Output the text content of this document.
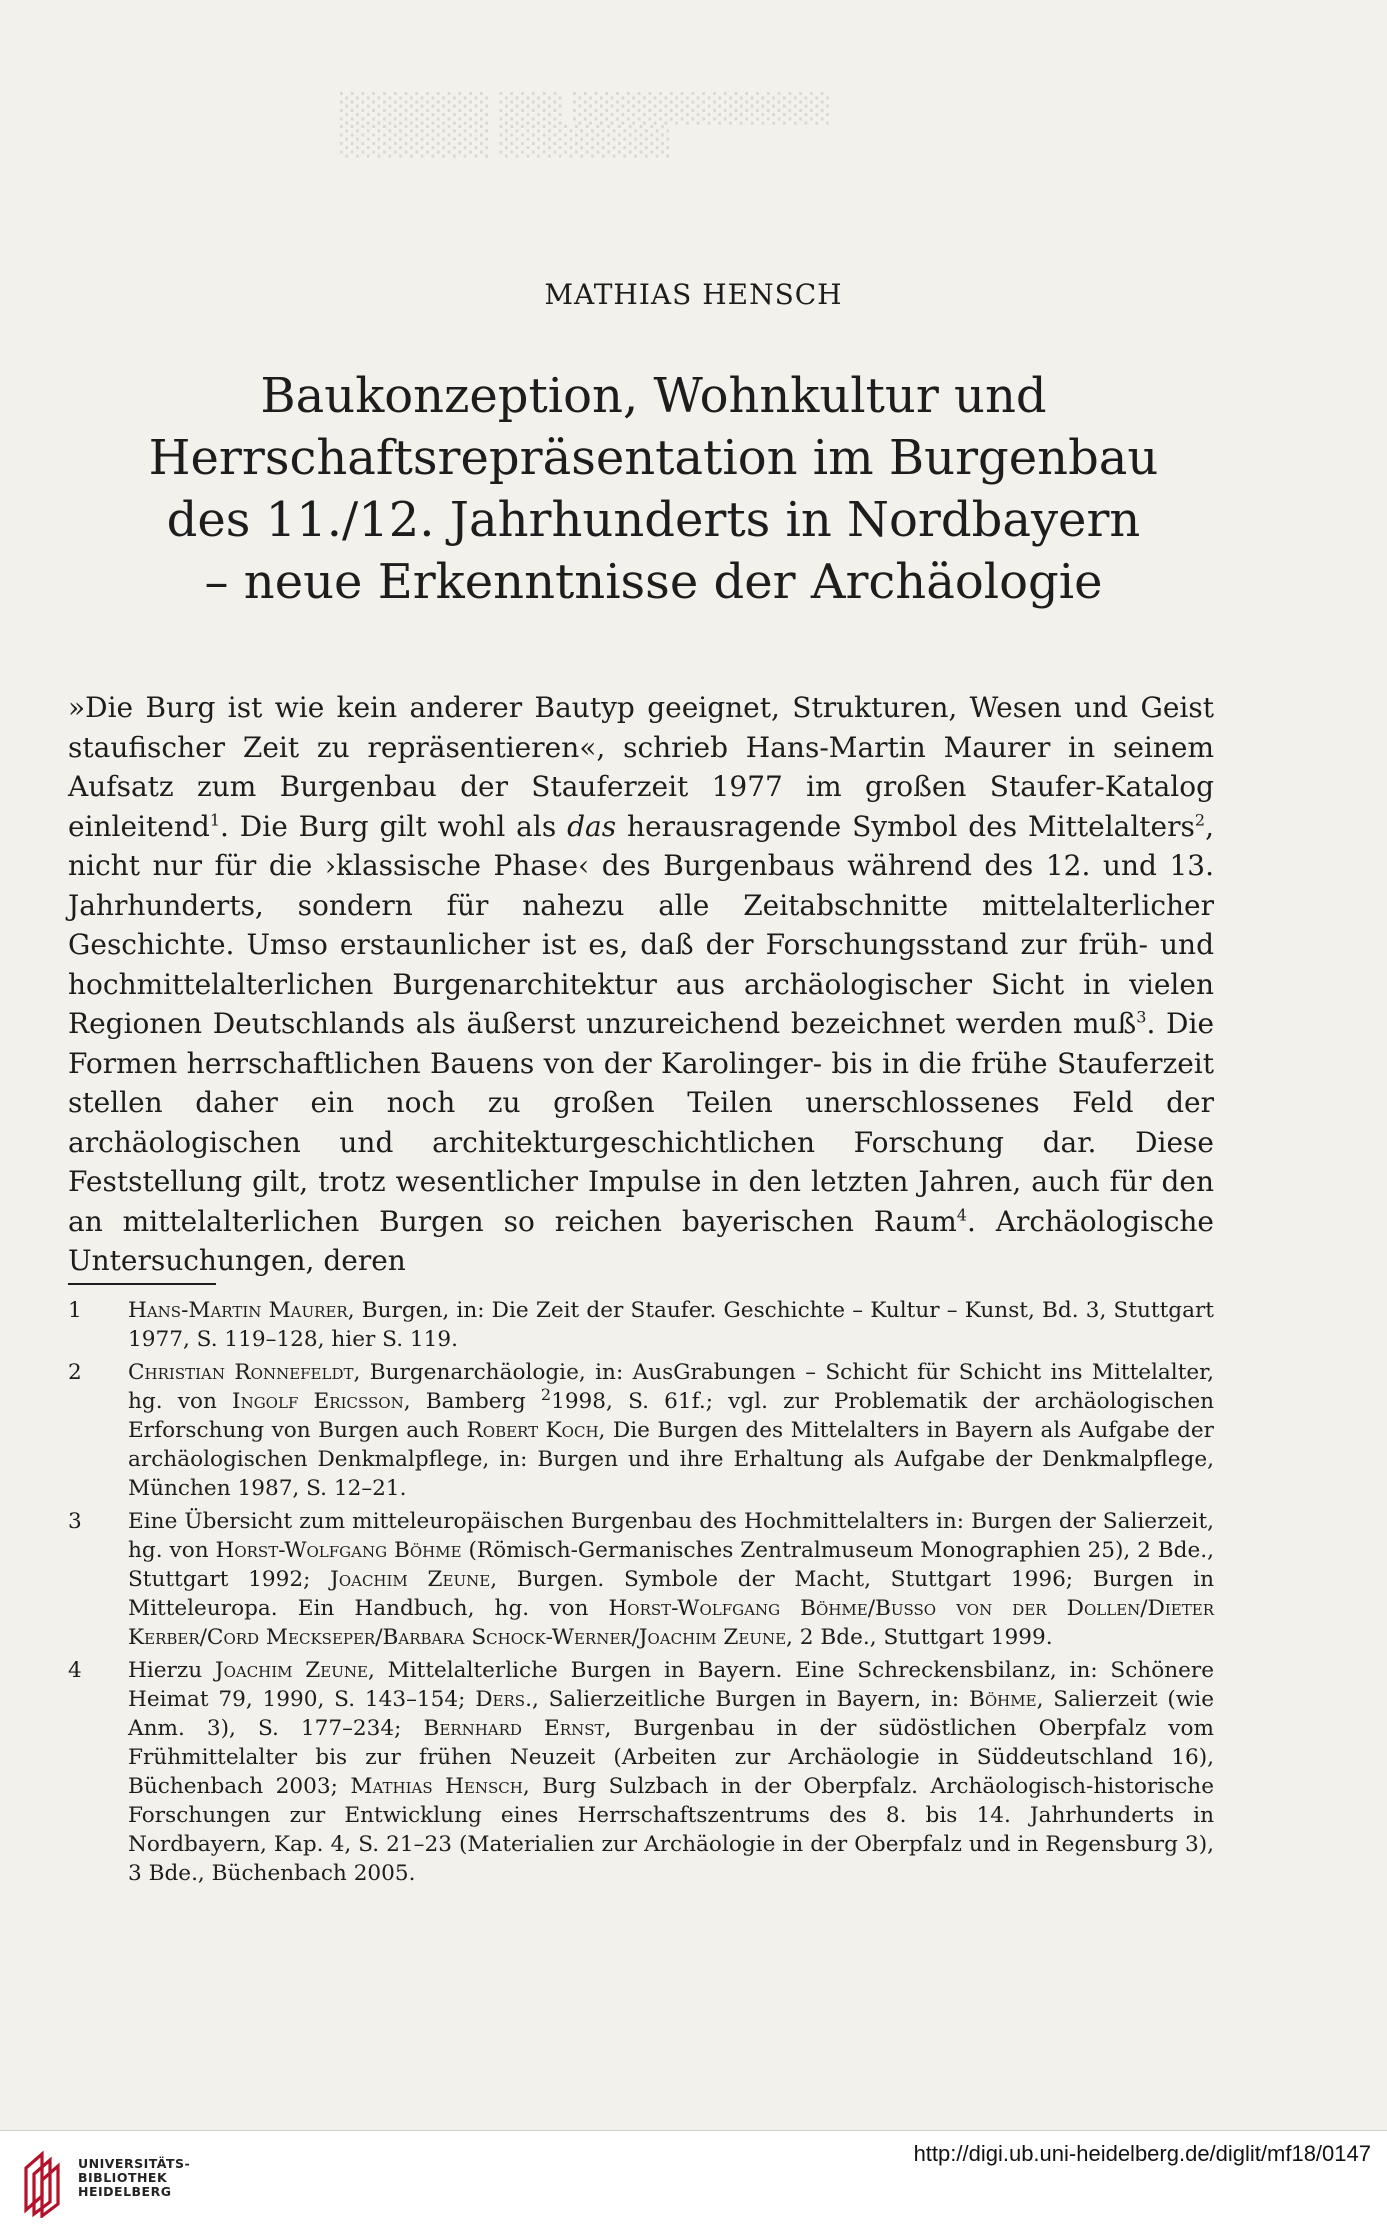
░░░░░░░ ░░░ ░░░░░░░░░░░░ ░░░░░░░ ░░░░░░░░
MATHIAS HENSCH
Baukonzeption, Wohnkultur und
Herrschaftsrepräsentation im Burgenbau
des 11./12. Jahrhunderts in Nordbayern
– neue Erkenntnisse der Archäologie

»Die Burg ist wie kein anderer Bautyp geeignet, Strukturen, Wesen und Geist staufischer Zeit zu repräsentieren«, schrieb Hans-Martin Maurer in seinem Aufsatz zum Burgenbau der Stauferzeit 1977 im großen Staufer-Katalog einleitend$^1$. Die Burg gilt wohl als das herausragende Symbol des Mittelalters$^2$, nicht nur für die ›klassische Phase‹ des Burgenbaus während des 12. und 13. Jahrhunderts, sondern für nahezu alle Zeitabschnitte mittelalterlicher Geschichte. Umso erstaunlicher ist es, daß der Forschungsstand zur früh- und hochmittelalterlichen Burgenarchitektur aus archäologischer Sicht in vielen Regionen Deutschlands als äußerst unzureichend bezeichnet werden muß$^3$. Die Formen herrschaftlichen Bauens von der Karolinger- bis in die frühe Stauferzeit stellen daher ein noch zu großen Teilen unerschlossenes Feld der archäologischen und architekturgeschichtlichen Forschung dar. Diese Feststellung gilt, trotz wesentlicher Impulse in den letzten Jahren, auch für den an mittelalterlichen Burgen so reichen bayerischen Raum$^4$. Archäologische Untersuchungen, deren

1 Hans-Martin Maurer, Burgen, in: Die Zeit der Staufer. Geschichte – Kultur – Kunst, Bd. 3, Stuttgart 1977, S. 119–128, hier S. 119.
2 Christian Ronnefeldt, Burgenarchäologie, in: AusGrabungen – Schicht für Schicht ins Mittelalter, hg. von Ingolf Ericsson, Bamberg $^2$1998, S. 61f.; vgl. zur Problematik der archäologischen Erforschung von Burgen auch Robert Koch, Die Burgen des Mittelalters in Bayern als Aufgabe der archäologischen Denkmalpflege, in: Burgen und ihre Erhaltung als Aufgabe der Denkmalpflege, München 1987, S. 12–21.
3 Eine Übersicht zum mitteleuropäischen Burgenbau des Hochmittelalters in: Burgen der Salierzeit, hg. von Horst-Wolfgang Böhme (Römisch-Germanisches Zentralmuseum Monographien 25), 2 Bde., Stuttgart 1992; Joachim Zeune, Burgen. Symbole der Macht, Stuttgart 1996; Burgen in Mitteleuropa. Ein Handbuch, hg. von Horst-Wolfgang Böhme/Busso von der Dollen/Dieter Kerber/Cord Meckseper/Barbara Schock-Werner/Joachim Zeune, 2 Bde., Stuttgart 1999.
4 Hierzu Joachim Zeune, Mittelalterliche Burgen in Bayern. Eine Schreckensbilanz, in: Schönere Heimat 79, 1990, S. 143–154; Ders., Salierzeitliche Burgen in Bayern, in: Böhme, Salierzeit (wie Anm. 3), S. 177–234; Bernhard Ernst, Burgenbau in der südöstlichen Oberpfalz vom Frühmittelalter bis zur frühen Neuzeit (Arbeiten zur Archäologie in Süddeutschland 16), Büchenbach 2003; Mathias Hensch, Burg Sulzbach in der Oberpfalz. Archäologisch-historische Forschungen zur Entwicklung eines Herrschaftszentrums des 8. bis 14. Jahrhunderts in Nordbayern, Kap. 4, S. 21–23 (Materialien zur Archäologie in der Oberpfalz und in Regensburg 3), 3 Bde., Büchenbach 2005.
UNIVERSITÄTS-
BIBLIOTHEK
HEIDELBERG
http://digi.ub.uni-heidelberg.de/diglit/mf18/0147
